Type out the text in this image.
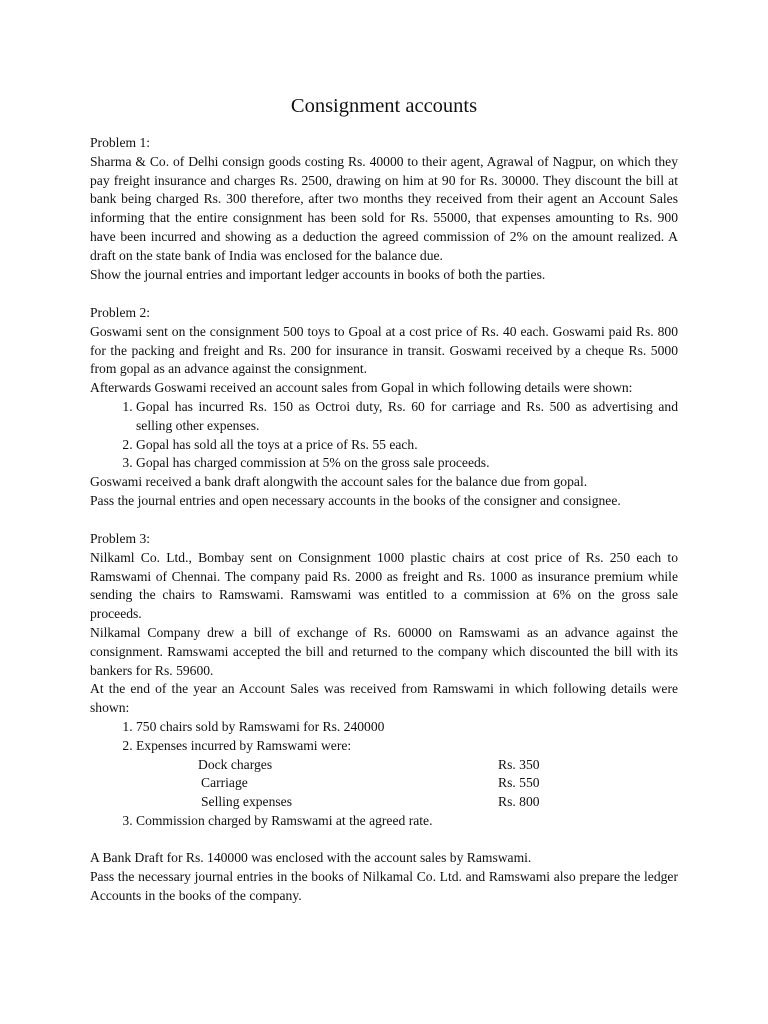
Consignment accounts

Problem 1:

Sharma & Co. of Delhi consign goods costing Rs. 40000 to their agent, Agrawal of Nagpur, on which they pay freight insurance and charges Rs. 2500, drawing on him at 90 for Rs. 30000. They discount the bill at bank being charged Rs. 300 therefore, after two months they received from their agent an Account Sales informing that the entire consignment has been sold for Rs. 55000, that expenses amounting to Rs. 900 have been incurred and showing as a deduction the agreed commission of 2% on the amount realized. A draft on the state bank of India was enclosed for the balance due.

Show the journal entries and important ledger accounts in books of both the parties.

Problem 2:

Goswami sent on the consignment 500 toys to Gpoal at a cost price of Rs. 40 each. Goswami paid Rs. 800 for the packing and freight and Rs. 200 for insurance in transit. Goswami received by a cheque Rs. 5000 from gopal as an advance against the consignment.

Afterwards Goswami received an account sales from Gopal in which following details were shown:

1. Gopal has incurred Rs. 150 as Octroi duty, Rs. 60 for carriage and Rs. 500 as advertising and selling other expenses.
2. Gopal has sold all the toys at a price of Rs. 55 each.
3. Gopal has charged commission at 5% on the gross sale proceeds.

Goswami received a bank draft alongwith the account sales for the balance due from gopal.

Pass the journal entries and open necessary accounts in the books of the consigner and consignee.

Problem 3:

Nilkaml Co. Ltd., Bombay sent on Consignment 1000 plastic chairs at cost price of Rs. 250 each to Ramswami of Chennai. The company paid Rs. 2000 as freight and Rs. 1000 as insurance premium while sending the chairs to Ramswami. Ramswami was entitled to a commission at 6% on the gross sale proceeds.

Nilkamal Company drew a bill of exchange of Rs. 60000 on Ramswami as an advance against the consignment. Ramswami accepted the bill and returned to the company which discounted the bill with its bankers for Rs. 59600.

At the end of the year an Account Sales was received from Ramswami in which following details were shown:

1. 750 chairs sold by Ramswami for Rs. 240000
2. Expenses incurred by Ramswami were:
Dock charges	Rs. 350
Carriage	Rs. 550
Selling expenses	Rs. 800
3. Commission charged by Ramswami at the agreed rate.

A Bank Draft for Rs. 140000 was enclosed with the account sales by Ramswami.

Pass the necessary journal entries in the books of Nilkamal Co. Ltd. and Ramswami also prepare the ledger Accounts in the books of the company.
